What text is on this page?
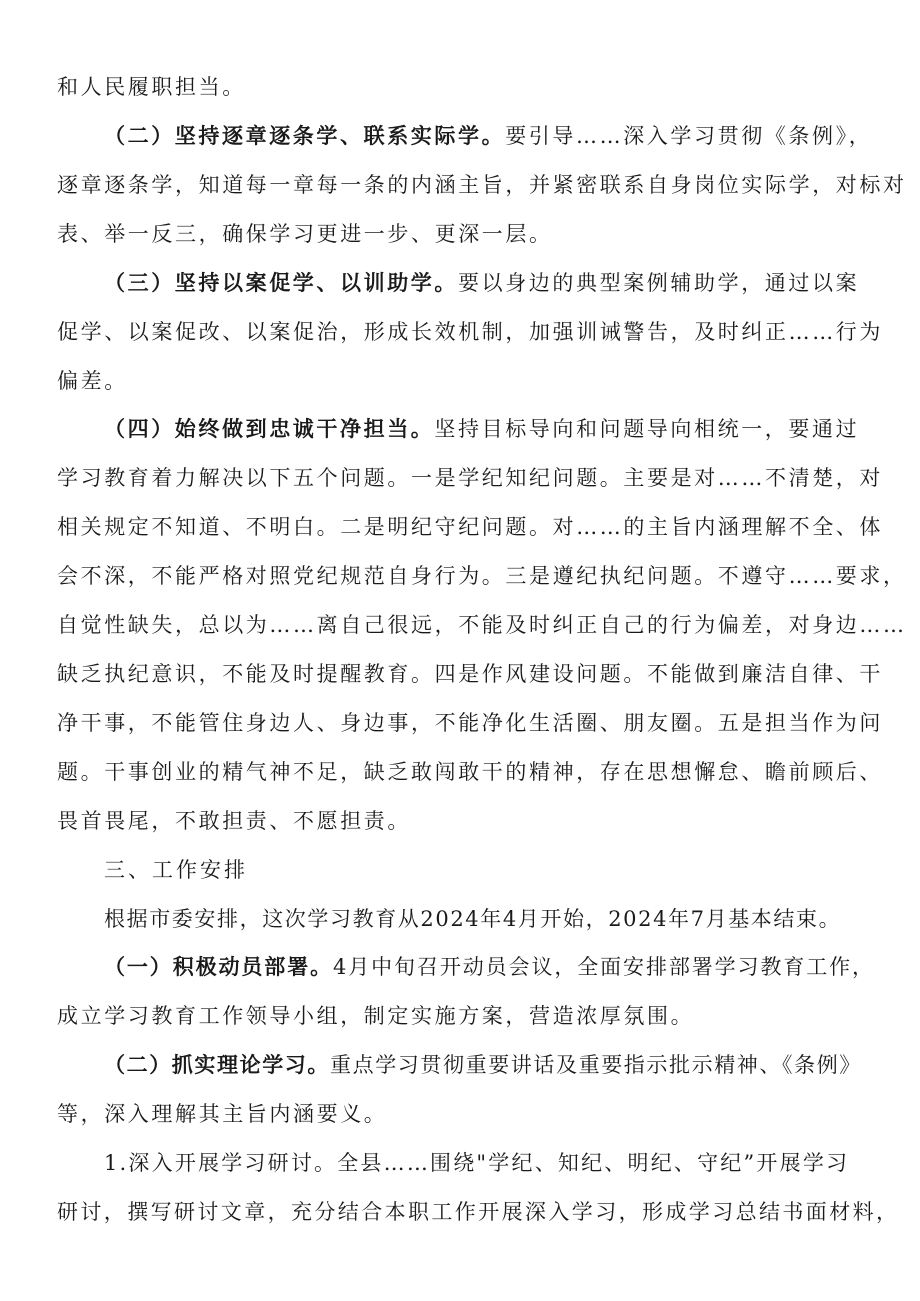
和人民履职担当。
（二）坚持逐章逐条学、联系实际学。要引导……深入学习贯彻《条例》，
逐章逐条学，知道每一章每一条的内涵主旨，并紧密联系自身岗位实际学，对标对
表、举一反三，确保学习更进一步、更深一层。
（三）坚持以案促学、以训助学。要以身边的典型案例辅助学，通过以案
促学、以案促改、以案促治，形成长效机制，加强训诫警告，及时纠正……行为
偏差。
（四）始终做到忠诚干净担当。坚持目标导向和问题导向相统一，要通过
学习教育着力解决以下五个问题。一是学纪知纪问题。主要是对……不清楚，对
相关规定不知道、不明白。二是明纪守纪问题。对……的主旨内涵理解不全、体
会不深，不能严格对照党纪规范自身行为。三是遵纪执纪问题。不遵守……要求，
自觉性缺失，总以为……离自己很远，不能及时纠正自己的行为偏差，对身边……
缺乏执纪意识，不能及时提醒教育。四是作风建设问题。不能做到廉洁自律、干
净干事，不能管住身边人、身边事，不能净化生活圈、朋友圈。五是担当作为问
题。干事创业的精气神不足，缺乏敢闯敢干的精神，存在思想懈怠、瞻前顾后、
畏首畏尾，不敢担责、不愿担责。
三、工作安排
根据市委安排，这次学习教育从2024年4月开始，2024年7月基本结束。
（一）积极动员部署。4月中旬召开动员会议，全面安排部署学习教育工作，
成立学习教育工作领导小组，制定实施方案，营造浓厚氛围。
（二）抓实理论学习。重点学习贯彻重要讲话及重要指示批示精神、《条例》
等，深入理解其主旨内涵要义。
1.深入开展学习研讨。全县……围绕"学纪、知纪、明纪、守纪”开展学习
研讨，撰写研讨文章，充分结合本职工作开展深入学习，形成学习总结书面材料，
